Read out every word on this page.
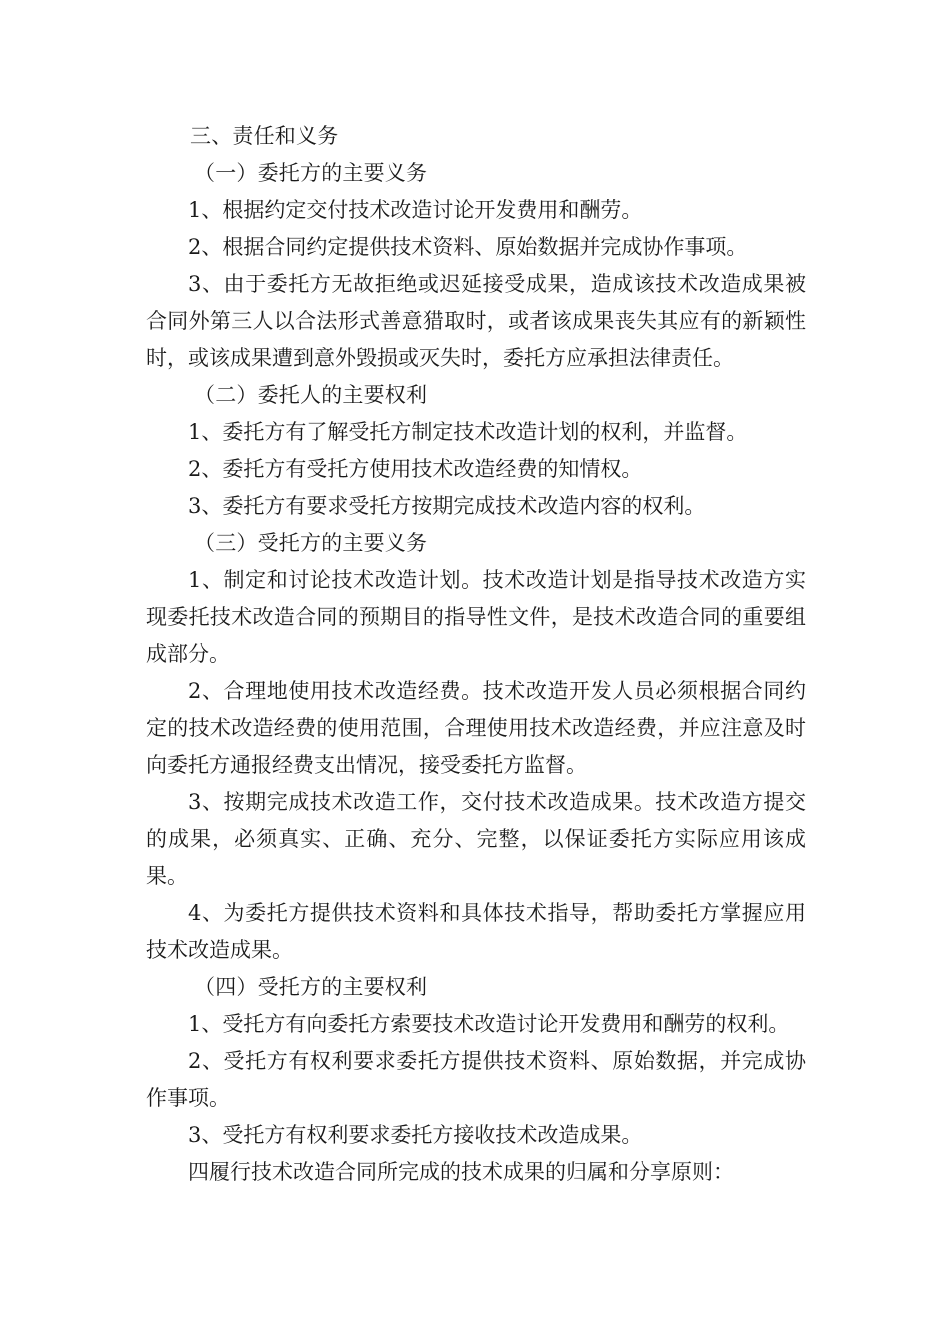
三、责任和义务
（一）委托方的主要义务

1、根据约定交付技术改造讨论开发费用和酬劳。

2、根据合同约定提供技术资料、原始数据并完成协作事项。

3、由于委托方无故拒绝或迟延接受成果，造成该技术改造成果被合同外第三人以合法形式善意猎取时，或者该成果丧失其应有的新颖性时，或该成果遭到意外毁损或灭失时，委托方应承担法律责任。

（二）委托人的主要权利

1、委托方有了解受托方制定技术改造计划的权利，并监督。

2、委托方有受托方使用技术改造经费的知情权。

3、委托方有要求受托方按期完成技术改造内容的权利。

（三）受托方的主要义务

1、制定和讨论技术改造计划。技术改造计划是指导技术改造方实现委托技术改造合同的预期目的指导性文件，是技术改造合同的重要组成部分。

2、合理地使用技术改造经费。技术改造开发人员必须根据合同约定的技术改造经费的使用范围，合理使用技术改造经费，并应注意及时向委托方通报经费支出情况，接受委托方监督。

3、按期完成技术改造工作，交付技术改造成果。技术改造方提交的成果，必须真实、正确、充分、完整，以保证委托方实际应用该成果。

4、为委托方提供技术资料和具体技术指导，帮助委托方掌握应用技术改造成果。

（四）受托方的主要权利

1、受托方有向委托方索要技术改造讨论开发费用和酬劳的权利。

2、受托方有权利要求委托方提供技术资料、原始数据，并完成协作事项。

3、受托方有权利要求委托方接收技术改造成果。

四履行技术改造合同所完成的技术成果的归属和分享原则：
